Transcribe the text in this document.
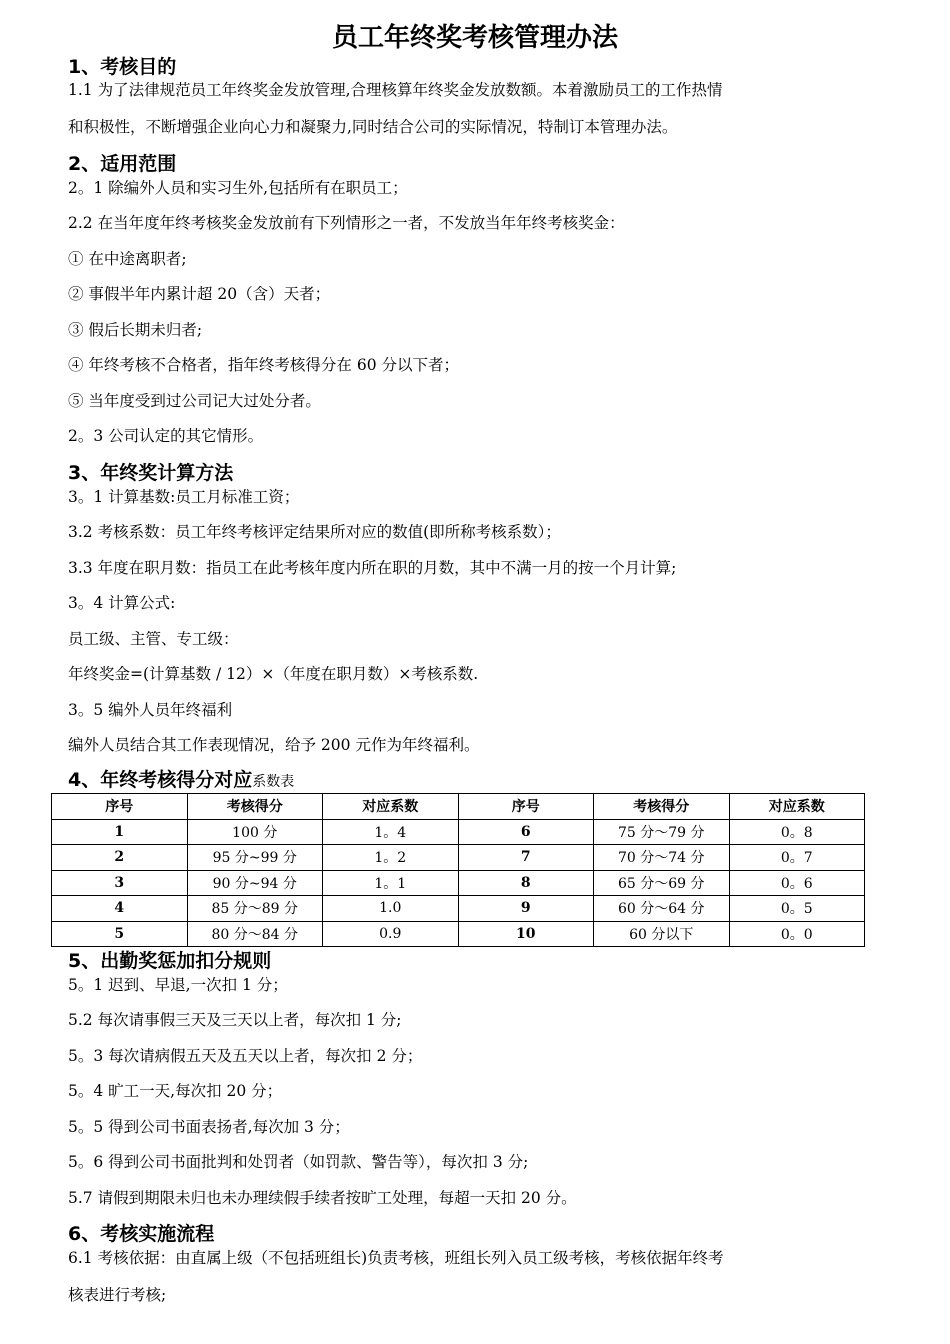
员工年终奖考核管理办法
1、考核目的
1.1 为了法律规范员工年终奖金发放管理,合理核算年终奖金发放数额。本着激励员工的工作热情
和积极性，不断增强企业向心力和凝聚力,同时结合公司的实际情况，特制订本管理办法。
2、适用范围
2。1 除编外人员和实习生外,包括所有在职员工；
2.2 在当年度年终考核奖金发放前有下列情形之一者，不发放当年年终考核奖金：
① 在中途离职者;
② 事假半年内累计超 20（含）天者；
③ 假后长期未归者;
④ 年终考核不合格者，指年终考核得分在 60 分以下者；
⑤ 当年度受到过公司记大过处分者。
2。3 公司认定的其它情形。
3、年终奖计算方法
3。1 计算基数:员工月标准工资；
3.2 考核系数：员工年终考核评定结果所对应的数值(即所称考核系数）；
3.3 年度在职月数：指员工在此考核年度内所在职的月数，其中不满一月的按一个月计算;
3。4 计算公式:
员工级、主管、专工级：
年终奖金=(计算基数 / 12）×（年度在职月数）×考核系数.
3。5 编外人员年终福利
编外人员结合其工作表现情况，给予 200 元作为年终福利。
4、年终考核得分对应系数表
序号	考核得分	对应系数	序号	考核得分	对应系数
1	100 分	1。4	6	75 分～79 分	0。8
2	95 分~99 分	1。2	7	70 分～74 分	0。7
3	90 分~94 分	1。1	8	65 分～69 分	0。6
4	85 分～89 分	1.0	9	60 分～64 分	0。5
5	80 分～84 分	0.9	10	60 分以下	0。0
5、出勤奖惩加扣分规则
5。1 迟到、早退,一次扣 1 分；
5.2 每次请事假三天及三天以上者，每次扣 1 分;
5。3 每次请病假五天及五天以上者，每次扣 2 分；
5。4 旷工一天,每次扣 20 分；
5。5 得到公司书面表扬者,每次加 3 分；
5。6 得到公司书面批判和处罚者（如罚款、警告等），每次扣 3 分;
5.7 请假到期限未归也未办理续假手续者按旷工处理，每超一天扣 20 分。
6、考核实施流程
6.1 考核依据：由直属上级（不包括班组长)负责考核，班组长列入员工级考核，考核依据年终考
核表进行考核;
